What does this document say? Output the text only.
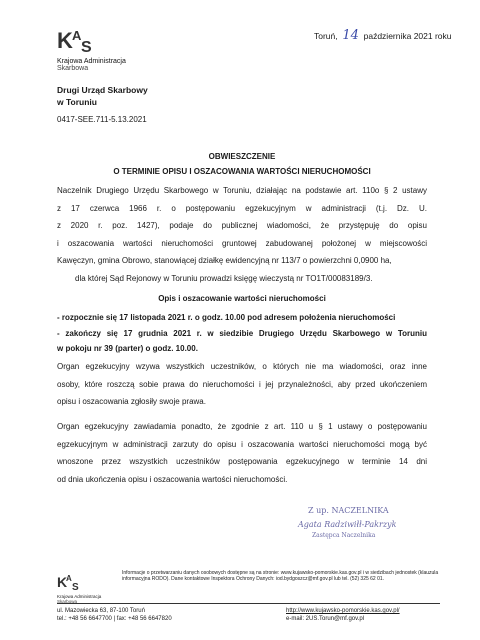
K A
S
Krajowa Administracja
Skarbowa
Toruń, 14 października 2021 roku
Drugi Urząd Skarbowy
w Toruniu
0417-SEE.711-5.13.2021
OBWIESZCZENIE
O TERMINIE OPISU I OSZACOWANIA WARTOŚCI NIERUCHOMOŚCI
Naczelnik Drugiego Urzędu Skarbowego w Toruniu, działając na podstawie art. 110o § 2 ustawy
z 17 czerwca 1966 r. o postępowaniu egzekucyjnym w administracji (t.j. Dz. U.
z 2020 r. poz. 1427), podaje do publicznej wiadomości, że przystępuję do opisu
i oszacowania wartości nieruchomości gruntowej zabudowanej położonej w miejscowości
Kawęczyn, gmina Obrowo, stanowiącej działkę ewidencyjną nr 113/7 o powierzchni 0,0900 ha,
dla której Sąd Rejonowy w Toruniu prowadzi księgę wieczystą nr TO1T/00083189/3.
Opis i oszacowanie wartości nieruchomości
- rozpocznie się 17 listopada 2021 r. o godz. 10.00 pod adresem położenia nieruchomości
- zakończy się 17 grudnia 2021 r. w siedzibie Drugiego Urzędu Skarbowego w Toruniu
w pokoju nr 39 (parter) o godz. 10.00.
Organ egzekucyjny wzywa wszystkich uczestników, o których nie ma wiadomości, oraz inne
osoby, które roszczą sobie prawa do nieruchomości i jej przynależności, aby przed ukończeniem
opisu i oszacowania zgłosiły swoje prawa.
Organ egzekucyjny zawiadamia ponadto, że zgodnie z art. 110 u § 1 ustawy o postępowaniu
egzekucyjnym w administracji zarzuty do opisu i oszacowania wartości nieruchomości mogą być
wnoszone przez wszystkich uczestników postępowania egzekucyjnego w terminie 14 dni
od dnia ukończenia opisu i oszacowania wartości nieruchomości.
Z up. NACZELNIKA
Agata Radziwiłł-Pakrzyk
Zastępca Naczelnika
K
A
S
Krajowa Administracja
Skarbowa
Informacje o przetwarzaniu danych osobowych dostępne są na stronie: www.kujawsko-pomorskie.kas.gov.pl i w siedzibach jednostek (klauzula informacyjna RODO). Dane kontaktowe Inspektora Ochrony Danych: iod.bydgoszcz@mf.gov.pl lub tel. (52) 325 62 01.
ul. Mazowiecka 63, 87-100 Toruń
tel.: +48 56 6647700 | fax: +48 56 6647820
http://www.kujawsko-pomorskie.kas.gov.pl/
e-mail: 2US.Torun@mf.gov.pl
